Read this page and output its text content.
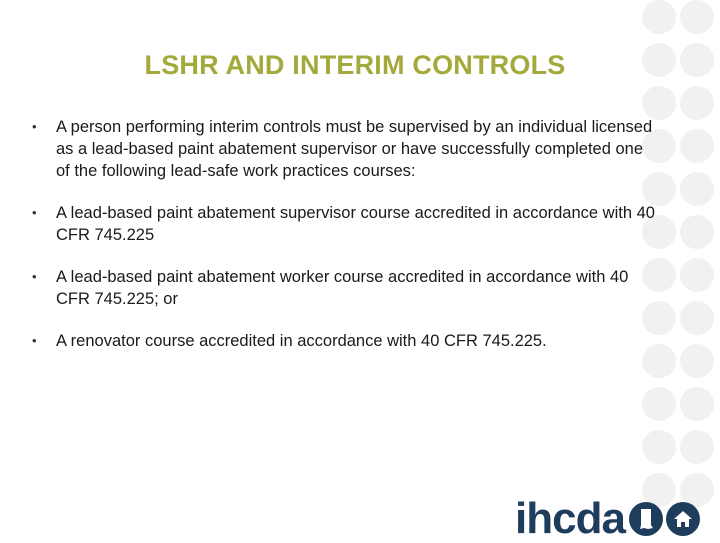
LSHR AND INTERIM CONTROLS
• A person performing interim controls must be supervised by an individual licensed as a lead-based paint abatement supervisor or have successfully completed one of the following lead-safe work practices courses:
• A lead-based paint abatement supervisor course accredited in accordance with 40 CFR 745.225
• A lead-based paint abatement worker course accredited in accordance with 40 CFR 745.225; or
• A renovator course accredited in accordance with 40 CFR 745.225.
ihcda
